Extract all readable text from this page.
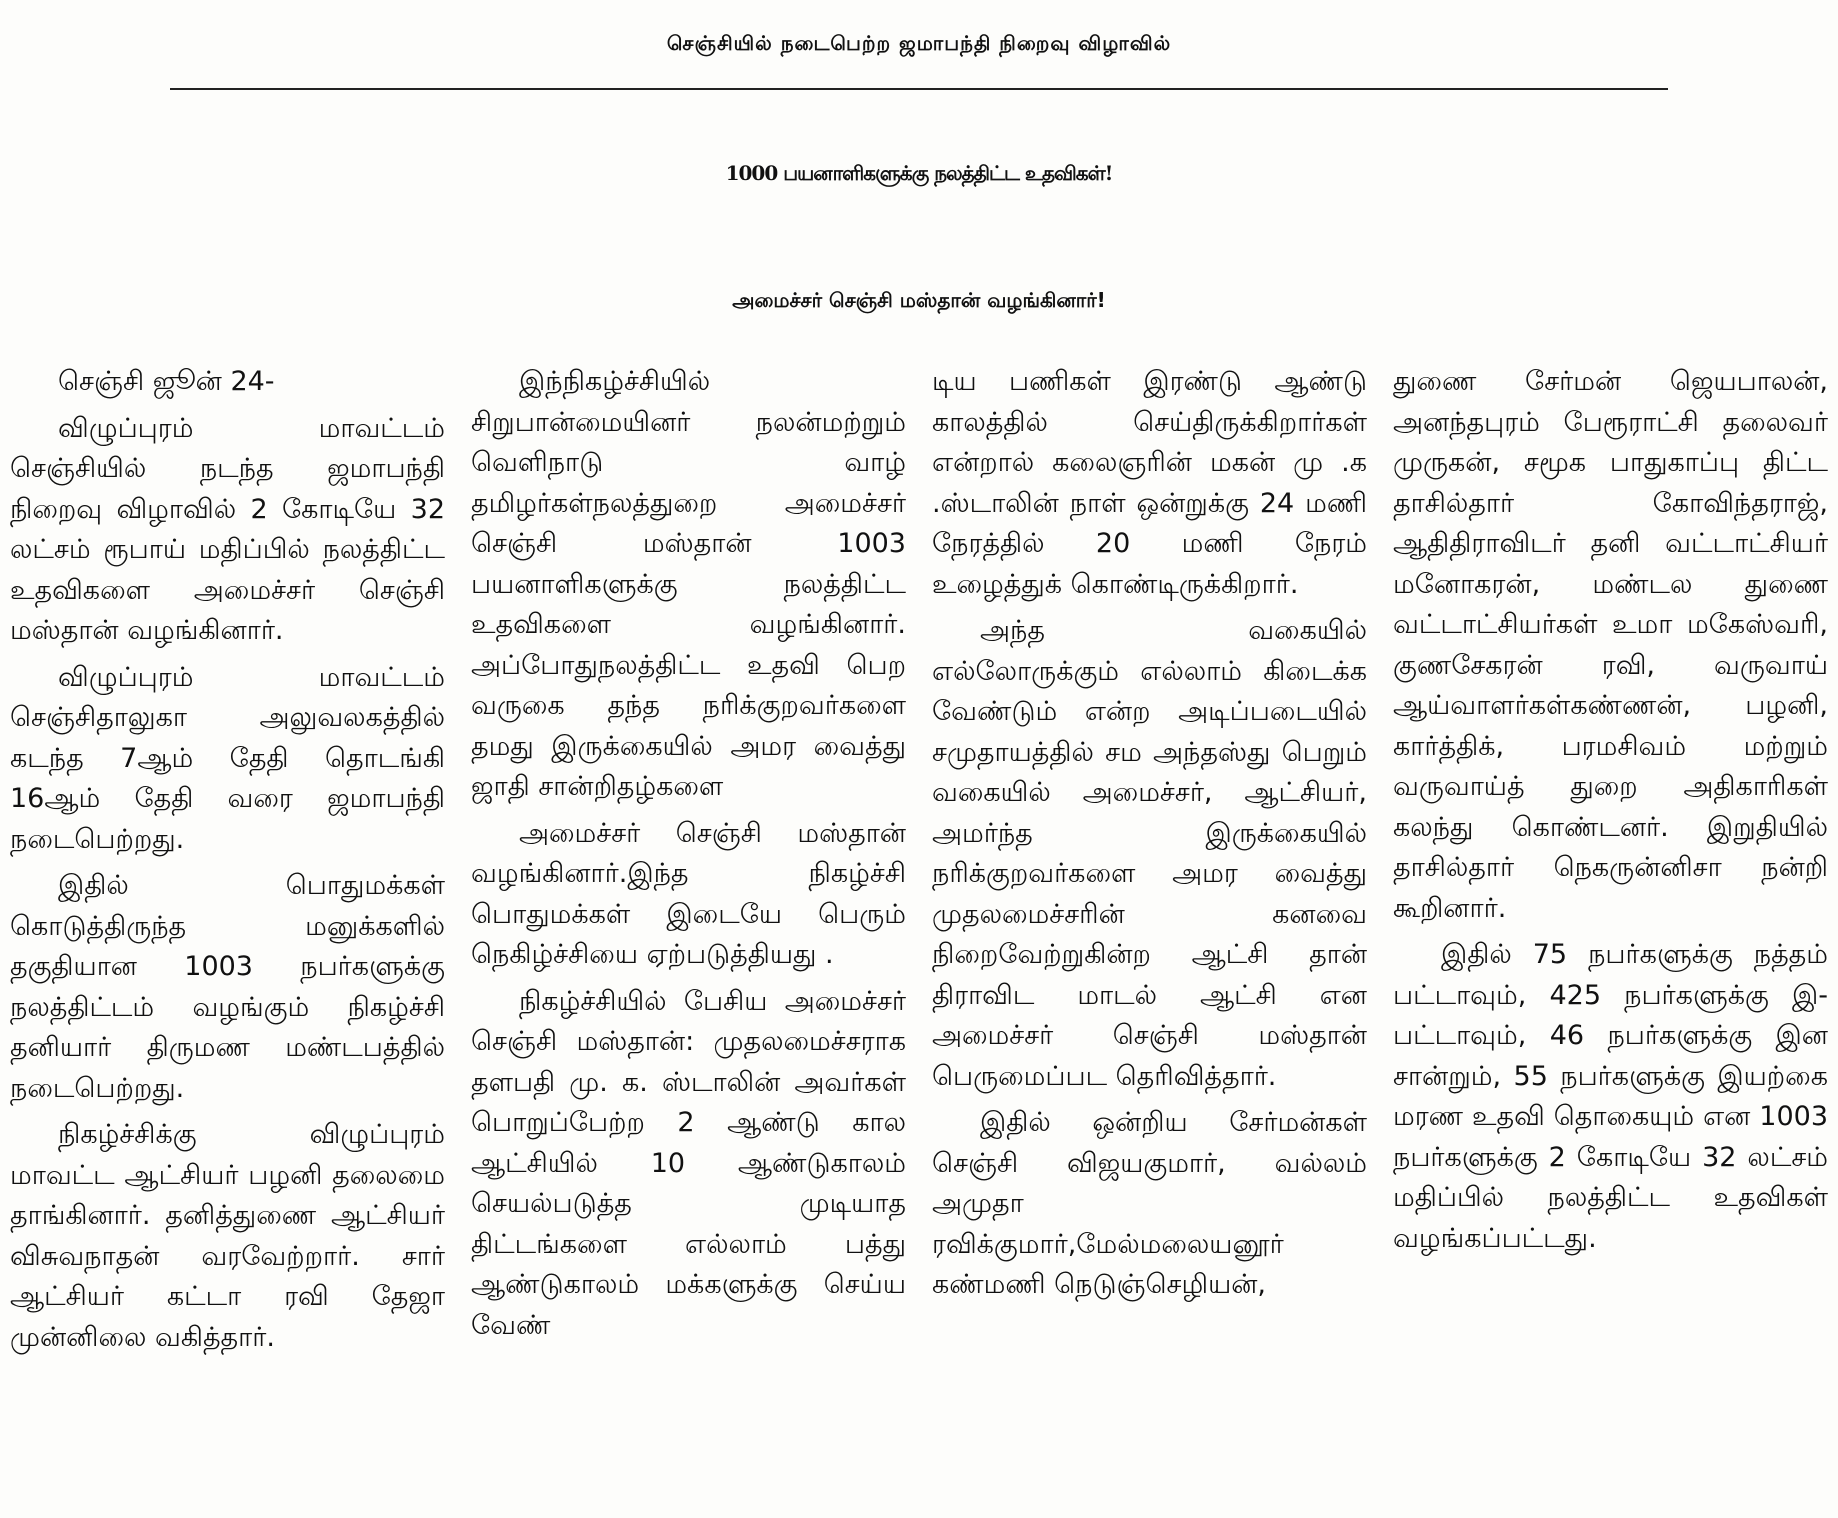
செஞ்சியில் நடைபெற்ற ஜமாபந்தி நிறைவு விழாவில்
1000 பயனாளிகளுக்கு நலத்திட்ட உதவிகள்!
அமைச்சர் செஞ்சி மஸ்தான் வழங்கினார்!

செஞ்சி ஜூன் 24-

விழுப்புரம் மாவட்டம் செஞ்சியில் நடந்த ஜமாபந்தி நிறைவு விழாவில் 2 கோடியே 32 லட்சம் ரூபாய் மதிப்பில் நலத்திட்ட உதவிகளை அமைச்சர் செஞ்சி மஸ்தான் வழங்கினார்.

விழுப்புரம் மாவட்டம் செஞ்சிதாலுகா அலுவலகத்தில் கடந்த 7ஆம் தேதி தொடங்கி 16ஆம் தேதி வரை ஜமாபந்தி நடைபெற்றது.

இதில் பொதுமக்கள் கொடுத்திருந்த மனுக்களில் தகுதியான 1003 நபர்களுக்கு நலத்திட்டம் வழங்கும் நிகழ்ச்சி தனியார் திருமண மண்டபத்தில் நடைபெற்றது.

நிகழ்ச்சிக்கு விழுப்புரம் மாவட்ட ஆட்சியர் பழனி தலைமை தாங்கினார். தனித்துணை ஆட்சியர் விசுவநாதன் வரவேற்றார். சார் ஆட்சியர் கட்டா ரவி தேஜா முன்னிலை வகித்தார்.

இந்நிகழ்ச்சியில் சிறுபான்மையினர் நலன்மற்றும் வெளிநாடு வாழ் தமிழர்கள்நலத்துறை அமைச்சர் செஞ்சி மஸ்தான் 1003 பயனாளிகளுக்கு நலத்திட்ட உதவிகளை வழங்கினார். அப்போதுநலத்திட்ட உதவி பெற வருகை தந்த நரிக்குறவர்களை தமது இருக்கையில் அமர வைத்து ஜாதி சான்றிதழ்களை

அமைச்சர் செஞ்சி மஸ்தான் வழங்கினார்.இந்த நிகழ்ச்சி பொதுமக்கள் இடையே பெரும் நெகிழ்ச்சியை ஏற்படுத்தியது .

நிகழ்ச்சியில் பேசிய அமைச்சர் செஞ்சி மஸ்தான்: முதலமைச்சராக தளபதி மு. க. ஸ்டாலின் அவர்கள் பொறுப்பேற்ற 2 ஆண்டு கால ஆட்சியில் 10 ஆண்டுகாலம் செயல்படுத்த முடியாத திட்டங்களை எல்லாம் பத்து ஆண்டுகாலம் மக்களுக்கு செய்ய வேண்

டிய பணிகள் இரண்டு ஆண்டு காலத்தில் செய்திருக்கிறார்கள் என்றால் கலைஞரின் மகன் மு .க .ஸ்டாலின் நாள் ஒன்றுக்கு 24 மணி நேரத்தில் 20 மணி நேரம் உழைத்துக் கொண்டிருக்கிறார்.

அந்த வகையில் எல்லோருக்கும் எல்லாம் கிடைக்க வேண்டும் என்ற அடிப்படையில் சமுதாயத்தில் சம அந்தஸ்து பெறும் வகையில் அமைச்சர், ஆட்சியர், அமர்ந்த இருக்கையில் நரிக்குறவர்களை அமர வைத்து முதலமைச்சரின் கனவை நிறைவேற்றுகின்ற ஆட்சி தான் திராவிட மாடல் ஆட்சி என அமைச்சர் செஞ்சி மஸ்தான் பெருமைப்பட தெரிவித்தார்.

இதில் ஒன்றிய சேர்மன்கள் செஞ்சி விஜயகுமார், வல்லம் அமுதா ரவிக்குமார்,மேல்மலையனூர் கண்மணி நெடுஞ்செழியன்,

துணை சேர்மன் ஜெயபாலன், அனந்தபுரம் பேரூராட்சி தலைவர் முருகன், சமூக பாதுகாப்பு திட்ட தாசில்தார் கோவிந்தராஜ், ஆதிதிராவிடர் தனி வட்டாட்சியர் மனோகரன், மண்டல துணை வட்டாட்சியர்கள் உமா மகேஸ்வரி, குணசேகரன் ரவி, வருவாய் ஆய்வாளர்கள்கண்ணன், பழனி, கார்த்திக், பரமசிவம் மற்றும் வருவாய்த் துறை அதிகாரிகள் கலந்து கொண்டனர். இறுதியில் தாசில்தார் நெகருன்னிசா நன்றி கூறினார்.

இதில் 75 நபர்களுக்கு நத்தம் பட்டாவும், 425 நபர்களுக்கு இ-பட்டாவும், 46 நபர்களுக்கு இன சான்றும், 55 நபர்களுக்கு இயற்கை மரண உதவி தொகையும் என 1003 நபர்களுக்கு 2 கோடியே 32 லட்சம் மதிப்பில் நலத்திட்ட உதவிகள் வழங்கப்பட்டது.
